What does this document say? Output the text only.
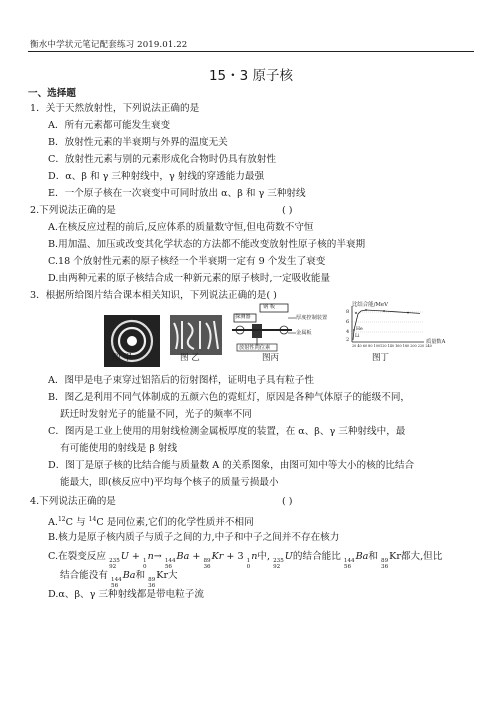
衡水中学状元笔记配套练习 2019.01.22
15・3 原子核
一、选择题
1．关于天然放射性，下列说法正确的是
A．所有元素都可能发生衰变
B．放射性元素的半衰期与外界的温度无关
C．放射性元素与别的元素形成化合物时仍具有放射性
D．α、β 和 γ 三种射线中，γ 射线的穿透能力最强
E．一个原子核在一次衰变中可同时放出 α、β 和 γ 三种射线
2.下列说法正确的是	( )
A.在核反应过程的前后,反应体系的质量数守恒,但电荷数不守恒
B.用加温、加压或改变其化学状态的方法都不能改变放射性原子核的半衰期
C.18 个放射性元素的原子核经一个半衰期一定有 9 个发生了衰变
D.由两种元素的原子核结合成一种新元素的原子核时,一定吸收能量
3．根据所给图片结合课本相关知识，下列说法正确的是( )
图 甲	图 乙
钢 板
探测器	厚度控制装置
金属板
放射性同位素
图丙
比结合能/MeV
8
6
4
2
He
Li
质量数A
20 40 60 80 100120 140 160 180 200 220 240
图丁
A．图甲是电子束穿过铝箔后的衍射图样，证明电子具有粒子性
B．图乙是利用不同气体制成的五颜六色的霓虹灯，原因是各种气体原子的能级不同，
跃迁时发射光子的能量不同，光子的频率不同
C．图丙是工业上使用的用射线检测金属板厚度的装置，在 α、β、γ 三种射线中，最
有可能使用的射线是 β 射线
D．图丁是原子核的比结合能与质量数 A 的关系图象，由图可知中等大小的核的比结合
能最大，即(核反应中)平均每个核子的质量亏损最小
4.下列说法正确的是	( )
A.$^{12}$C 与 $^{14}$C 是同位素,它们的化学性质并不相同
B.核力是原子核内质子与质子之间的力,中子和中子之间并不存在核力
C.在裂变反应 235
92
U + 1
0
n→ 144
56
Ba + 89
36
Kr + 3 1
0
n中, 235
92
U的结合能比 144
56
Ba和 89
36
Kr都大,但比
结合能没有 144
56
Ba和 89
36
Kr大
D.α、β、γ 三种射线都是带电粒子流
